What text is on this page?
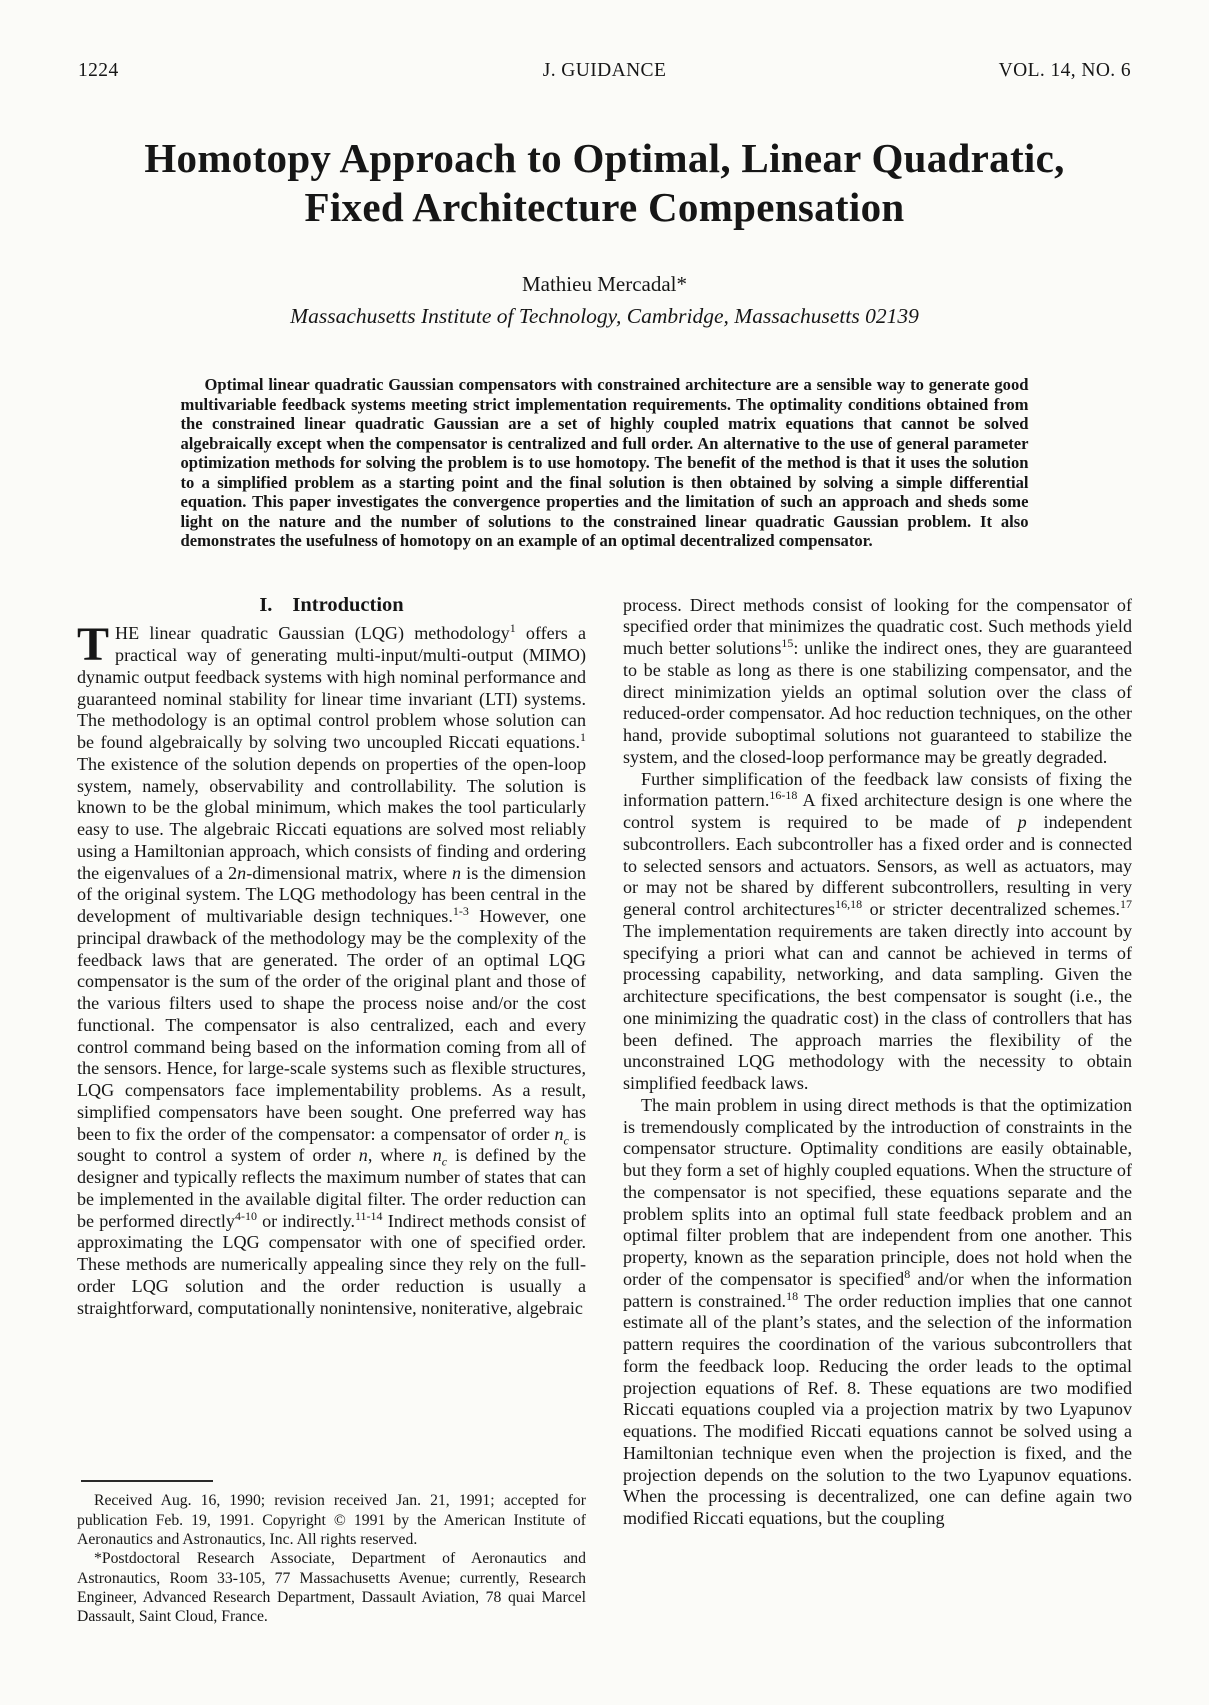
1224	J. GUIDANCE	VOL. 14, NO. 6
Homotopy Approach to Optimal, Linear Quadratic,
Fixed Architecture Compensation
Mathieu Mercadal*
Massachusetts Institute of Technology, Cambridge, Massachusetts 02139
Optimal linear quadratic Gaussian compensators with constrained architecture are a sensible way to generate good multivariable feedback systems meeting strict implementation requirements. The optimality conditions obtained from the constrained linear quadratic Gaussian are a set of highly coupled matrix equations that cannot be solved algebraically except when the compensator is centralized and full order. An alternative to the use of general parameter optimization methods for solving the problem is to use homotopy. The benefit of the method is that it uses the solution to a simplified problem as a starting point and the final solution is then obtained by solving a simple differential equation. This paper investigates the convergence properties and the limitation of such an approach and sheds some light on the nature and the number of solutions to the constrained linear quadratic Gaussian problem. It also demonstrates the usefulness of homotopy on an example of an optimal decentralized compensator.
I. Introduction

THE linear quadratic Gaussian (LQG) methodology$^1$ offers a practical way of generating multi-input/multi-output (MIMO) dynamic output feedback systems with high nominal performance and guaranteed nominal stability for linear time invariant (LTI) systems. The methodology is an optimal control problem whose solution can be found algebraically by solving two uncoupled Riccati equations.$^1$ The existence of the solution depends on properties of the open-loop system, namely, observability and controllability. The solution is known to be the global minimum, which makes the tool particularly easy to use. The algebraic Riccati equations are solved most reliably using a Hamiltonian approach, which consists of finding and ordering the eigenvalues of a 2n-dimensional matrix, where n is the dimension of the original system. The LQG methodology has been central in the development of multivariable design techniques.$^{1-3}$ However, one principal drawback of the methodology may be the complexity of the feedback laws that are generated. The order of an optimal LQG compensator is the sum of the order of the original plant and those of the various filters used to shape the process noise and/or the cost functional. The compensator is also centralized, each and every control command being based on the information coming from all of the sensors. Hence, for large-scale systems such as flexible structures, LQG compensators face implementability problems. As a result, simplified compensators have been sought. One preferred way has been to fix the order of the compensator: a compensator of order $n_c$ is sought to control a system of order n, where $n_c$ is defined by the designer and typically reflects the maximum number of states that can be implemented in the available digital filter. The order reduction can be performed directly$^{4-10}$ or indirectly.$^{11-14}$ Indirect methods consist of approximating the LQG compensator with one of specified order. These methods are numerically appealing since they rely on the full-order LQG solution and the order reduction is usually a straightforward, computationally nonintensive, noniterative, algebraic

Received Aug. 16, 1990; revision received Jan. 21, 1991; accepted for publication Feb. 19, 1991. Copyright © 1991 by the American Institute of Aeronautics and Astronautics, Inc. All rights reserved.

*Postdoctoral Research Associate, Department of Aeronautics and Astronautics, Room 33-105, 77 Massachusetts Avenue; currently, Research Engineer, Advanced Research Department, Dassault Aviation, 78 quai Marcel Dassault, Saint Cloud, France.

process. Direct methods consist of looking for the compensator of specified order that minimizes the quadratic cost. Such methods yield much better solutions$^{15}$: unlike the indirect ones, they are guaranteed to be stable as long as there is one stabilizing compensator, and the direct minimization yields an optimal solution over the class of reduced-order compensator. Ad hoc reduction techniques, on the other hand, provide suboptimal solutions not guaranteed to stabilize the system, and the closed-loop performance may be greatly degraded.

Further simplification of the feedback law consists of fixing the information pattern.$^{16-18}$ A fixed architecture design is one where the control system is required to be made of p independent subcontrollers. Each subcontroller has a fixed order and is connected to selected sensors and actuators. Sensors, as well as actuators, may or may not be shared by different subcontrollers, resulting in very general control architectures$^{16,18}$ or stricter decentralized schemes.$^{17}$ The implementation requirements are taken directly into account by specifying a priori what can and cannot be achieved in terms of processing capability, networking, and data sampling. Given the architecture specifications, the best compensator is sought (i.e., the one minimizing the quadratic cost) in the class of controllers that has been defined. The approach marries the flexibility of the unconstrained LQG methodology with the necessity to obtain simplified feedback laws.

The main problem in using direct methods is that the optimization is tremendously complicated by the introduction of constraints in the compensator structure. Optimality conditions are easily obtainable, but they form a set of highly coupled equations. When the structure of the compensator is not specified, these equations separate and the problem splits into an optimal full state feedback problem and an optimal filter problem that are independent from one another. This property, known as the separation principle, does not hold when the order of the compensator is specified$^8$ and/or when the information pattern is constrained.$^{18}$ The order reduction implies that one cannot estimate all of the plant’s states, and the selection of the information pattern requires the coordination of the various subcontrollers that form the feedback loop. Reducing the order leads to the optimal projection equations of Ref. 8. These equations are two modified Riccati equations coupled via a projection matrix by two Lyapunov equations. The modified Riccati equations cannot be solved using a Hamiltonian technique even when the projection is fixed, and the projection depends on the solution to the two Lyapunov equations. When the processing is decentralized, one can define again two modified Riccati equations, but the coupling
